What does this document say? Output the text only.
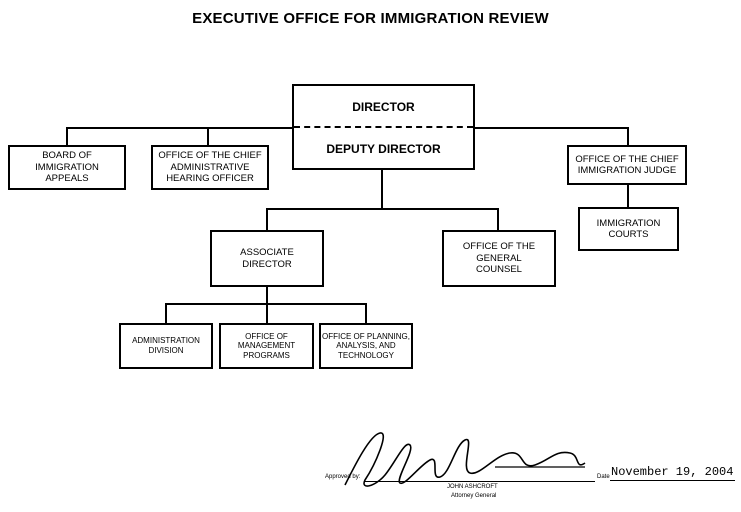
EXECUTIVE OFFICE FOR IMMIGRATION REVIEW
DIRECTOR
DEPUTY DIRECTOR
BOARD OF IMMIGRATION APPEALS
OFFICE OF THE CHIEF ADMINISTRATIVE HEARING OFFICER
OFFICE OF THE CHIEF IMMIGRATION JUDGE
IMMIGRATION COURTS
ASSOCIATE DIRECTOR
OFFICE OF THE GENERAL COUNSEL
ADMINISTRATION DIVISION
OFFICE OF MANAGEMENT PROGRAMS
OFFICE OF PLANNING, ANALYSIS, AND TECHNOLOGY
Approved by:
JOHN ASHCROFT
Attorney General
Date November 19, 2004
